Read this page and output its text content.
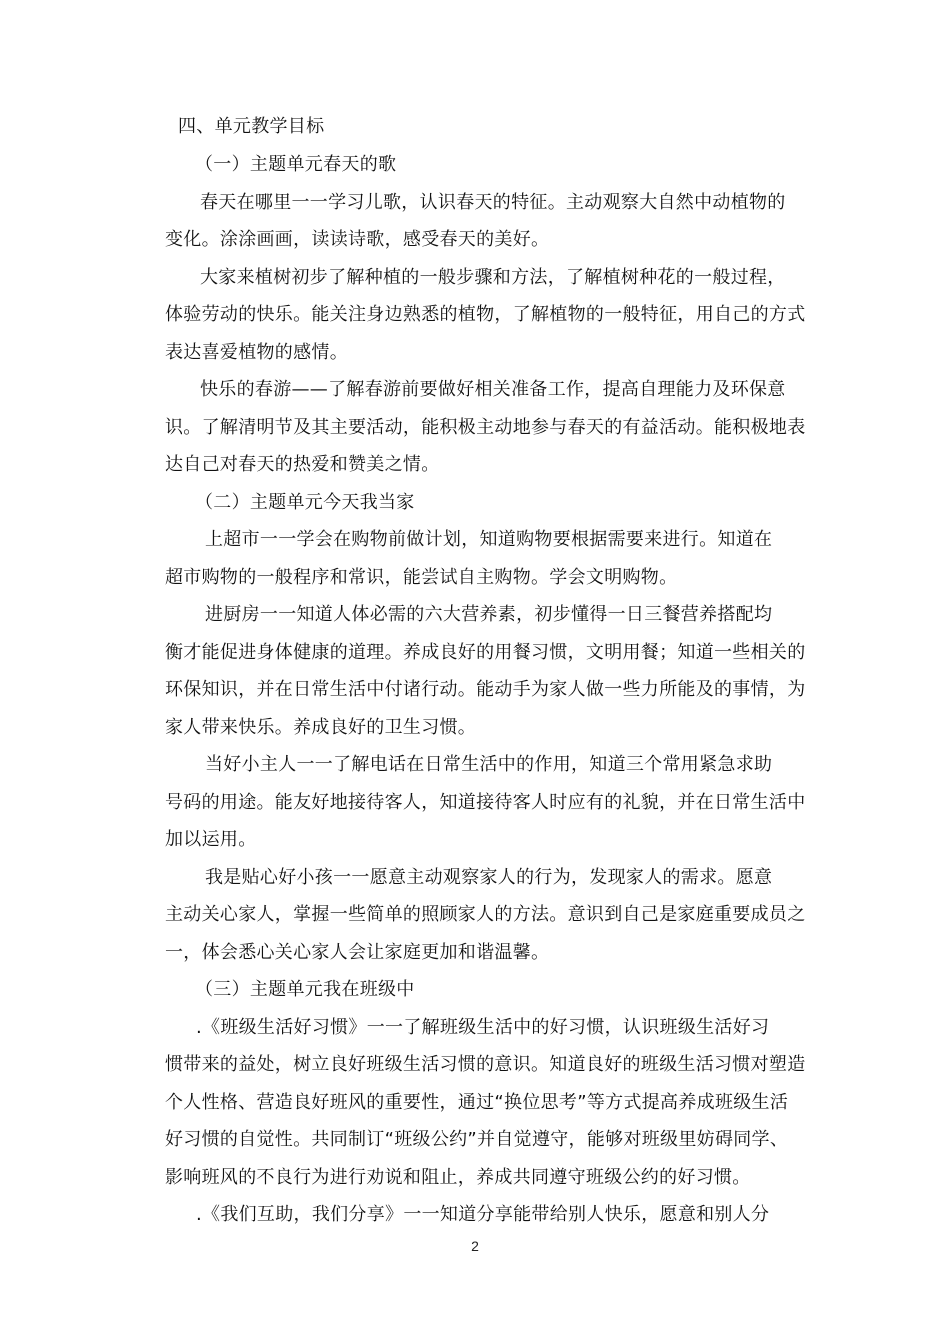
四、单元教学目标
（一）主题单元春天的歌
春天在哪里一一学习儿歌，认识春天的特征。主动观察大自然中动植物的
变化。涂涂画画，读读诗歌，感受春天的美好。
大家来植树初步了解种植的一般步骤和方法，了解植树种花的一般过程，
体验劳动的快乐。能关注身边熟悉的植物，了解植物的一般特征，用自己的方式
表达喜爱植物的感情。
快乐的春游——了解春游前要做好相关准备工作，提高自理能力及环保意
识。了解清明节及其主要活动，能积极主动地参与春天的有益活动。能积极地表
达自己对春天的热爱和赞美之情。
（二）主题单元今天我当家
上超市一一学会在购物前做计划，知道购物要根据需要来进行。知道在
超市购物的一般程序和常识，能尝试自主购物。学会文明购物。
进厨房一一知道人体必需的六大营养素，初步懂得一日三餐营养搭配均
衡才能促进身体健康的道理。养成良好的用餐习惯，文明用餐；知道一些相关的
环保知识，并在日常生活中付诸行动。能动手为家人做一些力所能及的事情，为
家人带来快乐。养成良好的卫生习惯。
当好小主人一一了解电话在日常生活中的作用，知道三个常用紧急求助
号码的用途。能友好地接待客人，知道接待客人时应有的礼貌，并在日常生活中
加以运用。
我是贴心好小孩一一愿意主动观察家人的行为，发现家人的需求。愿意
主动关心家人，掌握一些简单的照顾家人的方法。意识到自己是家庭重要成员之
一，体会悉心关心家人会让家庭更加和谐温馨。
（三）主题单元我在班级中
.《班级生活好习惯》一一了解班级生活中的好习惯，认识班级生活好习
惯带来的益处，树立良好班级生活习惯的意识。知道良好的班级生活习惯对塑造
个人性格、营造良好班风的重要性，通过“换位思考”等方式提高养成班级生活
好习惯的自觉性。共同制订“班级公约”并自觉遵守，能够对班级里妨碍同学、
影响班风的不良行为进行劝说和阻止，养成共同遵守班级公约的好习惯。
.《我们互助，我们分享》一一知道分享能带给别人快乐，愿意和别人分
2
